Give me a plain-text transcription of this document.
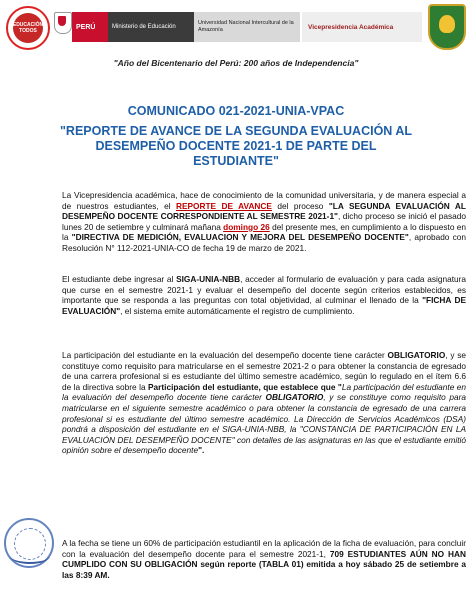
EDUCACIÓN TODOS
PERÚ	Ministerio de Educación
Universidad Nacional Intercultural de la Amazonía	Vicepresidencia Académica
"Año del Bicentenario del Perú: 200 años de Independencia"
COMUNICADO 021-2021-UNIA-VPAC
"REPORTE DE AVANCE DE LA SEGUNDA EVALUACIÓN AL DESEMPEÑO DOCENTE 2021-1 DE PARTE DEL ESTUDIANTE"
La Vicepresidencia académica, hace de conocimiento de la comunidad universitaria, y de manera especial a de nuestros estudiantes, el REPORTE DE AVANCE del proceso "LA SEGUNDA EVALUACIÓN AL DESEMPEÑO DOCENTE CORRESPONDIENTE AL SEMESTRE 2021-1", dicho proceso se inició el pasado lunes 20 de setiembre y culminará mañana domingo 26 del presente mes, en cumplimiento a lo dispuesto en la "DIRECTIVA DE MEDICIÓN, EVALUACION Y MEJORA DEL DESEMPEÑO DOCENTE", aprobado con Resolución N° 112-2021-UNIA-CO de fecha 19 de marzo de 2021.
El estudiante debe ingresar al SIGA-UNIA-NBB, acceder al formulario de evaluación y para cada asignatura que curse en el semestre 2021-1 y evaluar el desempeño del docente según criterios establecidos, es importante que se responda a las preguntas con total objetividad, al culminar el llenado de la "FICHA DE EVALUACIÓN", el sistema emite automáticamente el registro de cumplimiento.
La participación del estudiante en la evaluación del desempeño docente tiene carácter OBLIGATORIO, y se constituye como requisito para matricularse en el semestre 2021-2 o para obtener la constancia de egresado de una carrera profesional si es estudiante del último semestre académico, según lo regulado en el ítem 6.6 de la directiva sobre la Participación del estudiante, que establece que "La participación del estudiante en la evaluación del desempeño docente tiene carácter OBLIGATORIO, y se constituye como requisito para matricularse en el siguiente semestre académico o para obtener la constancia de egresado de una carrera profesional si es estudiante del último semestre académico. La Dirección de Servicios Académicos (DSA) pondrá a disposición del estudiante en el SIGA-UNIA-NBB, la "CONSTANCIA DE PARTICIPACIÓN EN LA EVALUACIÓN DEL DESEMPEÑO DOCENTE" con detalles de las asignaturas en las que el estudiante emitió opinión sobre el desempeño docente".
A la fecha se tiene un 60% de participación estudiantil en la aplicación de la ficha de evaluación, para concluir con la evaluación del desempeño docente para el semestre 2021-1, 709 ESTUDIANTES AÚN NO HAN CUMPLIDO CON SU OBLIGACIÓN según reporte (TABLA 01) emitida a hoy sábado 25 de setiembre a las 8:39 AM.
